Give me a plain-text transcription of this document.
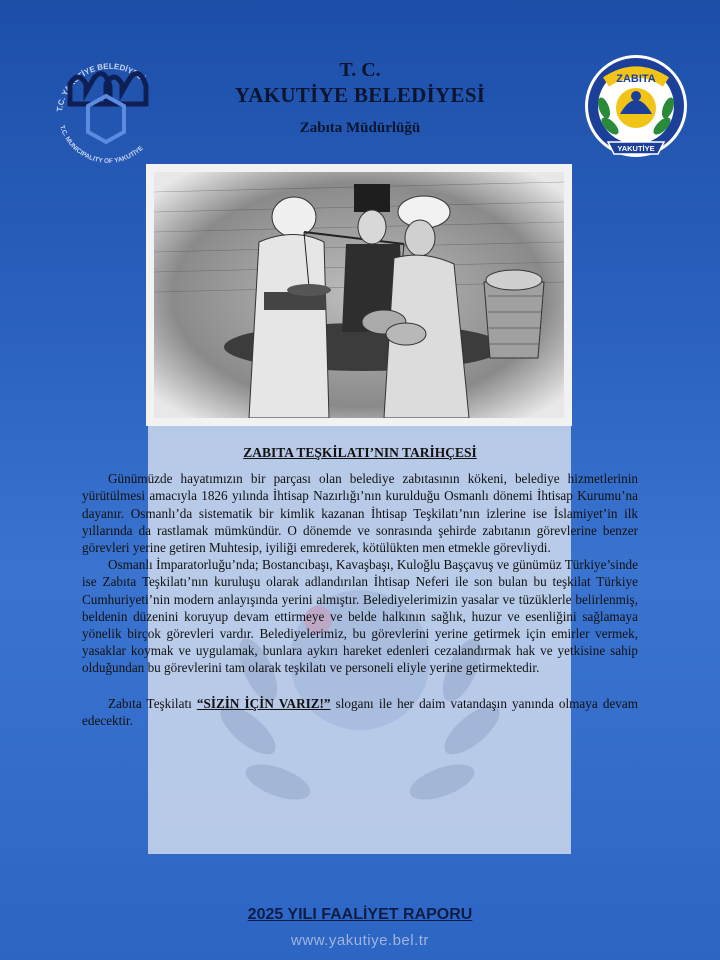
T.C. YAKUTİYE BELEDİYESİ
T.C. MUNICIPALITY OF YAKUTİYE
T. C.
YAKUTİYE BELEDİYESİ
Zabıta Müdürlüğü
ZABITA
YAKUTİYE
ZABITA TEŞKİLATI’NIN TARİHÇESİ

Günümüzde hayatımızın bir parçası olan belediye zabıtasının kökeni, belediye hizmetlerinin yürütülmesi amacıyla 1826 yılında İhtisap Nazırlığı’nın kurulduğu Osmanlı dönemi İhtisap Kurumu’na dayanır. Osmanlı’da sistematik bir kimlik kazanan İhtisap Teşkilatı’nın izlerine ise İslamiyet’in ilk yıllarında da rastlamak mümkündür. O dönemde ve sonrasında şehirde zabıtanın görevlerine benzer görevleri yerine getiren Muhtesip, iyiliği emrederek, kötülükten men etmekle görevliydi.

Osmanlı İmparatorluğu’nda; Bostancıbaşı, Kavaşbaşı, Kuloğlu Başçavuş ve günümüz Türkiye’sinde ise Zabıta Teşkilatı’nın kuruluşu olarak adlandırılan İhtisap Neferi ile son bulan bu teşkilat Türkiye Cumhuriyeti’nin modern anlayışında yerini almıştır. Belediyelerimizin yasalar ve tüzüklerle belirlenmiş, beldenin düzenini koruyup devam ettirmeye ve belde halkının sağlık, huzur ve esenliğini sağlamaya yönelik birçok görevleri vardır. Belediyelerimiz, bu görevlerini yerine getirmek için emirler vermek, yasaklar koymak ve uygulamak, bunlara aykırı hareket edenleri cezalandırmak hak ve yetkisine sahip olduğundan bu görevlerini tam olarak teşkilatı ve personeli eliyle yerine getirmektedir.

Zabıta Teşkilatı “SİZİN İÇİN VARIZ!” sloganı ile her daim vatandaşın yanında olmaya devam edecektir.

2025 YILI FAALİYET RAPORU
www.yakutiye.bel.tr
